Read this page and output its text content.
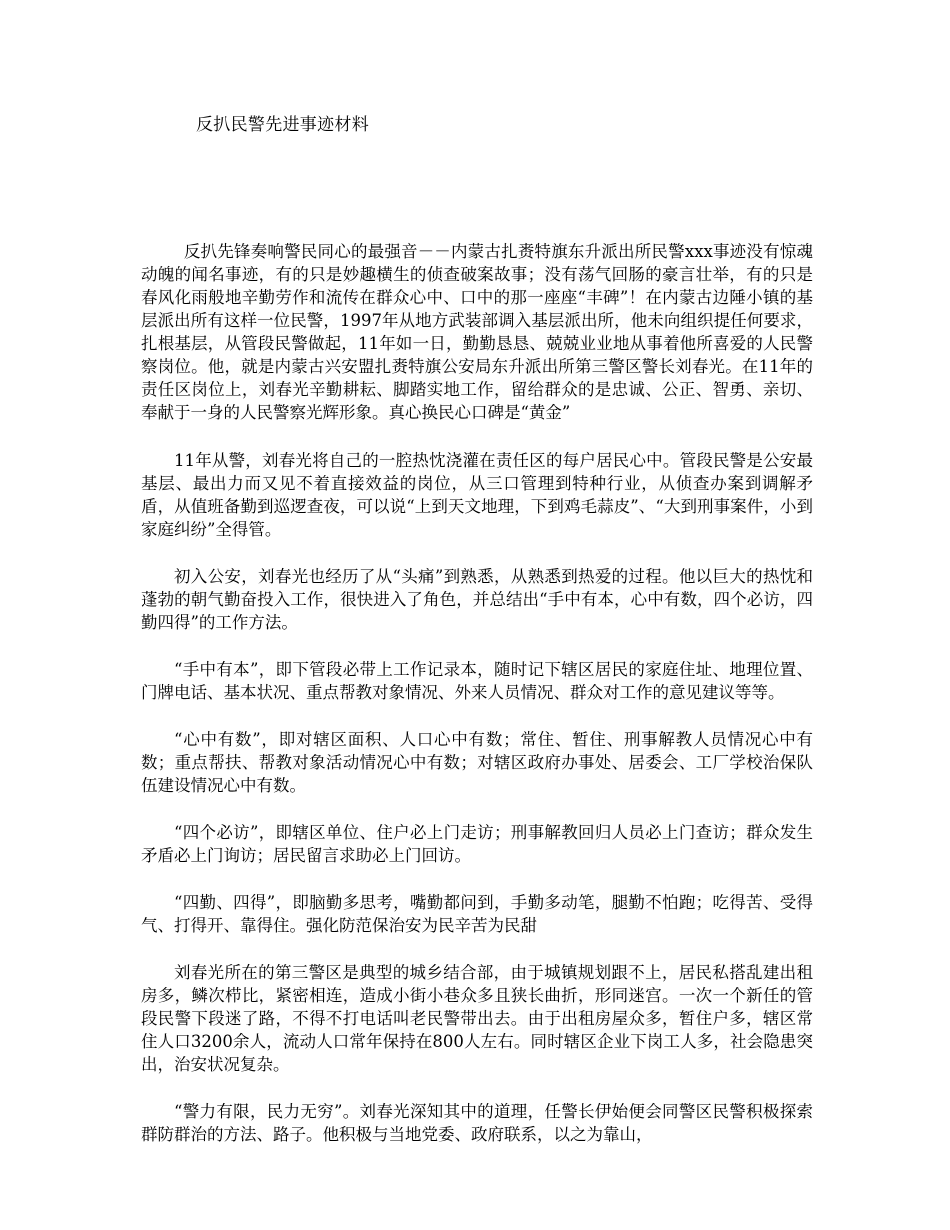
反扒民警先进事迹材料

反扒先锋奏响警民同心的最强音－－内蒙古扎赉特旗东升派出所民警xxx事迹没有惊魂动魄的闻名事迹，有的只是妙趣横生的侦查破案故事；没有荡气回肠的豪言壮举，有的只是春风化雨般地辛勤劳作和流传在群众心中、口中的那一座座“丰碑”！在内蒙古边陲小镇的基层派出所有这样一位民警，1997年从地方武装部调入基层派出所，他未向组织提任何要求，扎根基层，从管段民警做起，11年如一日，勤勤恳恳、兢兢业业地从事着他所喜爱的人民警察岗位。他，就是内蒙古兴安盟扎赉特旗公安局东升派出所第三警区警长刘春光。在11年的责任区岗位上，刘春光辛勤耕耘、脚踏实地工作，留给群众的是忠诚、公正、智勇、亲切、奉献于一身的人民警察光辉形象。真心换民心口碑是“黄金”

11年从警，刘春光将自己的一腔热忱浇灌在责任区的每户居民心中。管段民警是公安最基层、最出力而又见不着直接效益的岗位，从三口管理到特种行业，从侦查办案到调解矛盾，从值班备勤到巡逻查夜，可以说“上到天文地理，下到鸡毛蒜皮”、“大到刑事案件，小到家庭纠纷”全得管。

初入公安，刘春光也经历了从“头痛”到熟悉，从熟悉到热爱的过程。他以巨大的热忱和蓬勃的朝气勤奋投入工作，很快进入了角色，并总结出“手中有本，心中有数，四个必访，四勤四得”的工作方法。

“手中有本”，即下管段必带上工作记录本，随时记下辖区居民的家庭住址、地理位置、门牌电话、基本状况、重点帮教对象情况、外来人员情况、群众对工作的意见建议等等。

“心中有数”，即对辖区面积、人口心中有数；常住、暂住、刑事解教人员情况心中有数；重点帮扶、帮教对象活动情况心中有数；对辖区政府办事处、居委会、工厂学校治保队伍建设情况心中有数。

“四个必访”，即辖区单位、住户必上门走访；刑事解教回归人员必上门查访；群众发生矛盾必上门询访；居民留言求助必上门回访。

“四勤、四得”，即脑勤多思考，嘴勤都问到，手勤多动笔，腿勤不怕跑；吃得苦、受得气、打得开、靠得住。强化防范保治安为民辛苦为民甜

刘春光所在的第三警区是典型的城乡结合部，由于城镇规划跟不上，居民私搭乱建出租房多，鳞次栉比，紧密相连，造成小街小巷众多且狭长曲折，形同迷宫。一次一个新任的管段民警下段迷了路，不得不打电话叫老民警带出去。由于出租房屋众多，暂住户多，辖区常住人口3200余人，流动人口常年保持在800人左右。同时辖区企业下岗工人多，社会隐患突出，治安状况复杂。

“警力有限，民力无穷”。刘春光深知其中的道理，任警长伊始便会同警区民警积极探索群防群治的方法、路子。他积极与当地党委、政府联系，以之为靠山，
